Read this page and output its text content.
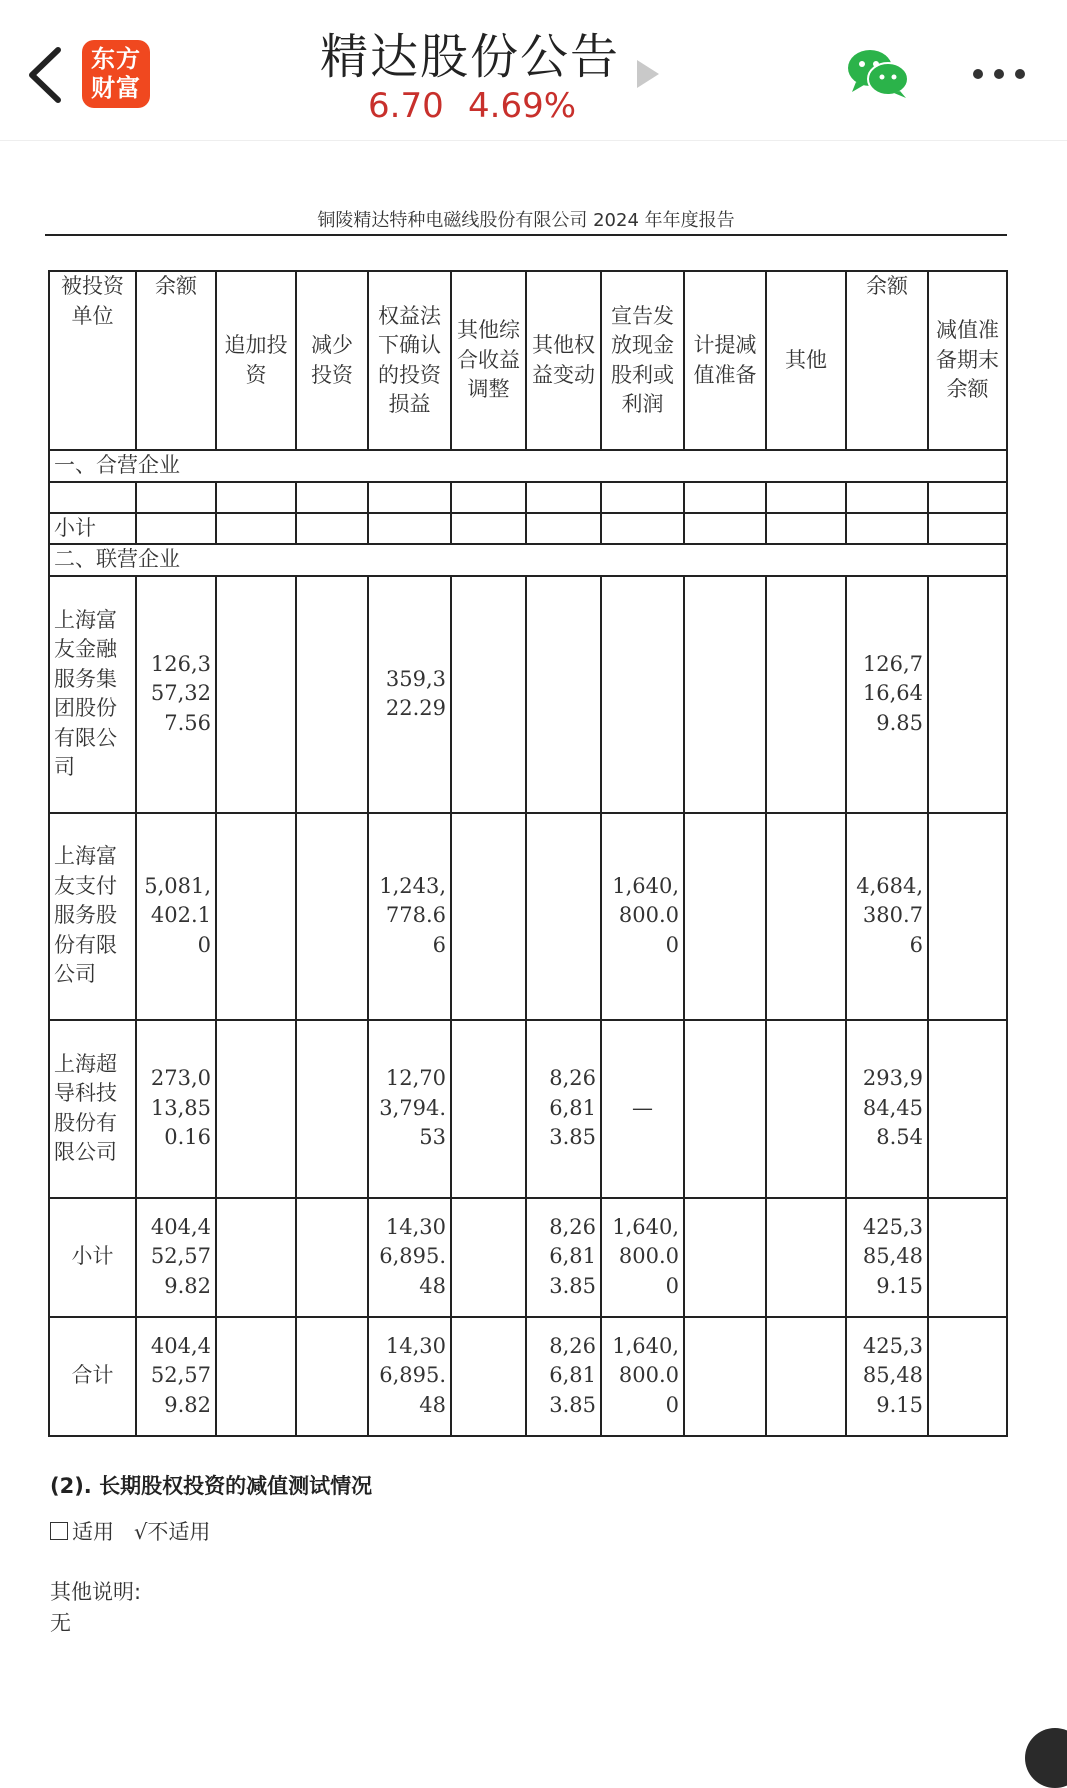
东方
财富
精达股份公告
6.70 4.69%
铜陵精达特种电磁线股份有限公司 2024 年年度报告
被投资单位	余额	追加投资	减少投资	权益法下确认的投资损益	其他综合收益调整	其他权益变动	宣告发放现金股利或利润	计提减值准备	其他	余额	减值准备期末余额
一、合营企业											

小计											
二、联营企业											
上海富友金融服务集团股份有限公司	126,357,327.56			359,322.29						126,716,649.85	
上海富友支付服务股份有限公司	5,081,402.10			1,243,778.66			1,640,800.00			4,684,380.76	
上海超导科技股份有限公司	273,013,850.16			12,703,794.53		8,266,813.85	—			293,984,458.54	
小计	404,452,579.82			14,306,895.48		8,266,813.85	1,640,800.00			425,385,489.15	
合计	404,452,579.82			14,306,895.48		8,266,813.85	1,640,800.00			425,385,489.15	
(2). 长期股权投资的减值测试情况
适用 √不适用
其他说明:
无
